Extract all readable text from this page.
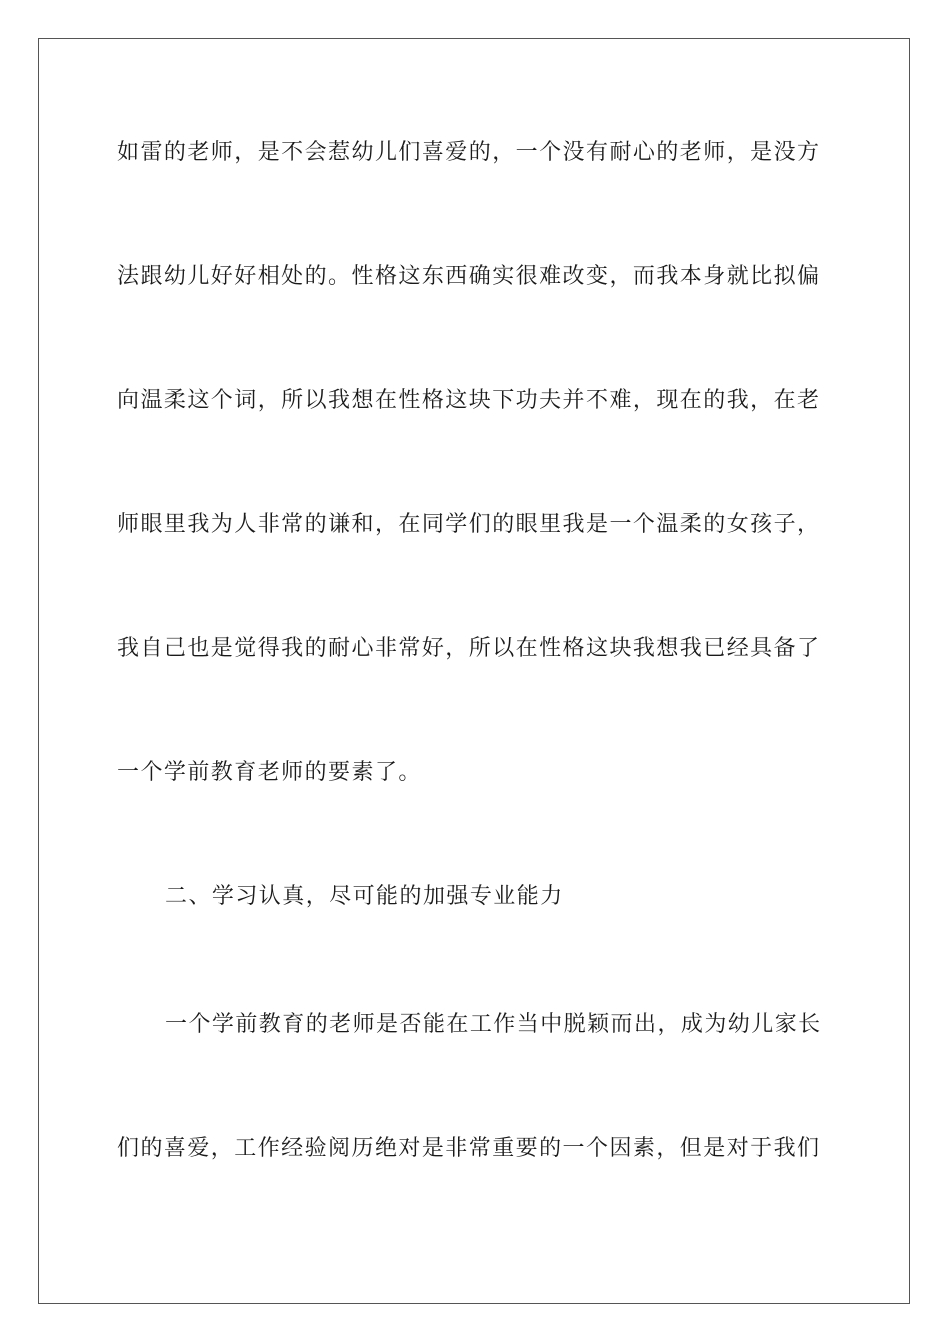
如雷的老师，是不会惹幼儿们喜爱的，一个没有耐心的老师，是没方
法跟幼儿好好相处的。性格这东西确实很难改变，而我本身就比拟偏
向温柔这个词，所以我想在性格这块下功夫并不难，现在的我，在老
师眼里我为人非常的谦和，在同学们的眼里我是一个温柔的女孩子，
我自己也是觉得我的耐心非常好，所以在性格这块我想我已经具备了
一个学前教育老师的要素了。
二、学习认真，尽可能的加强专业能力
一个学前教育的老师是否能在工作当中脱颖而出，成为幼儿家长
们的喜爱，工作经验阅历绝对是非常重要的一个因素，但是对于我们
